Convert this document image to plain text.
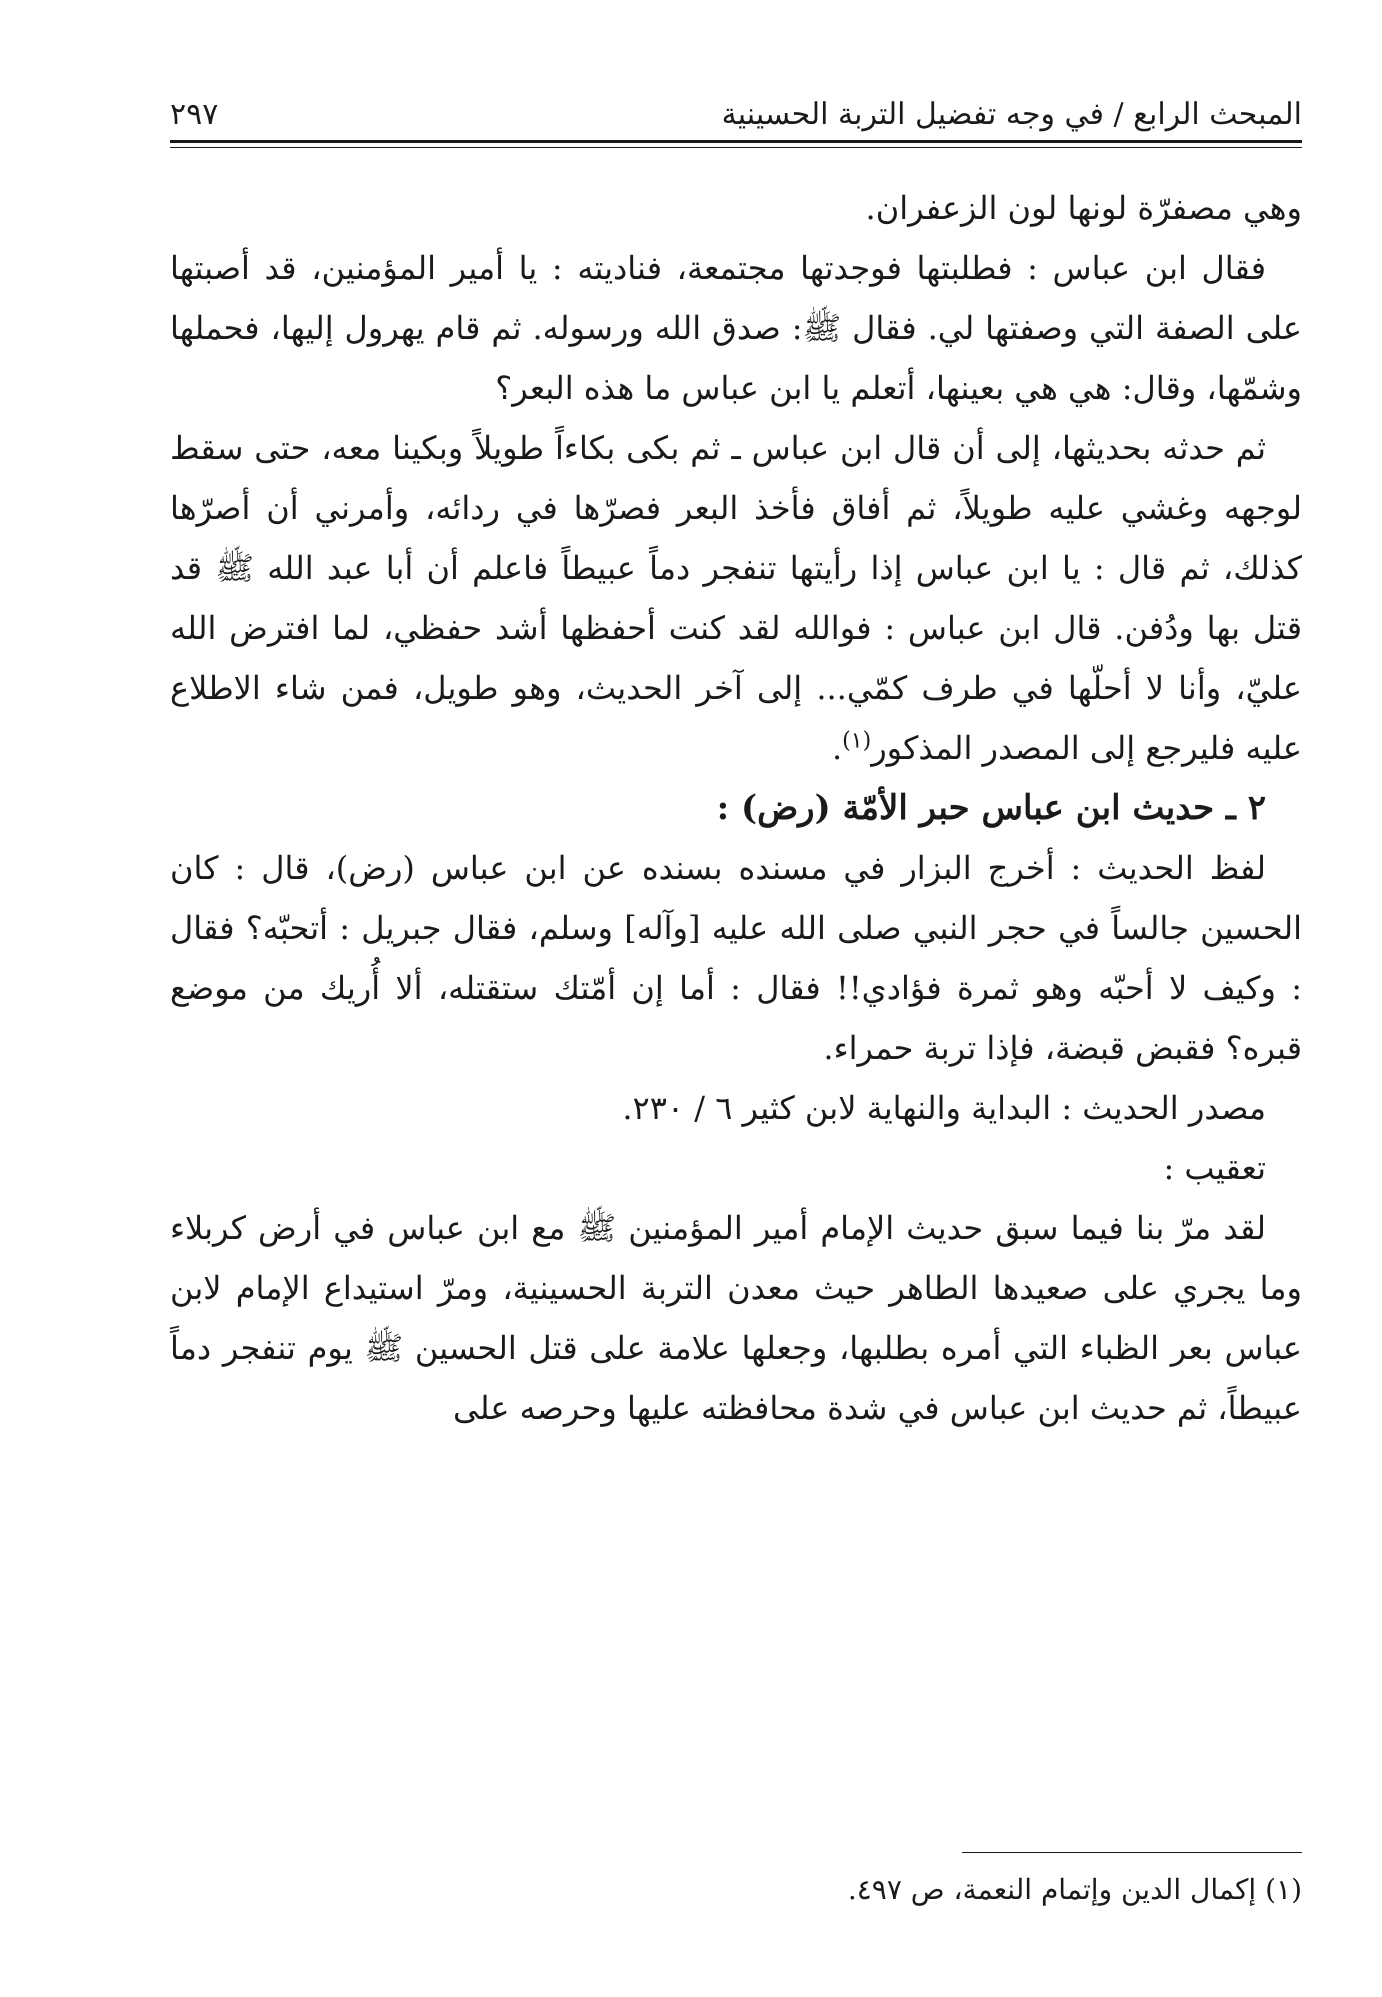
المبحث الرابع / في وجه تفضيل التربة الحسينية
٢٩٧

وهي مصفرّة لونها لون الزعفران.

فقال ابن عباس : فطلبتها فوجدتها مجتمعة، فناديته : يا أمير المؤمنين، قد أصبتها على الصفة التي وصفتها لي. فقال ﷺ: صدق الله ورسوله. ثم قام يهرول إليها، فحملها وشمّها، وقال: هي هي بعينها، أتعلم يا ابن عباس ما هذه البعر؟

ثم حدثه بحديثها، إلى أن قال ابن عباس ـ ثم بكى بكاءاً طويلاً وبكينا معه، حتى سقط لوجهه وغشي عليه طويلاً، ثم أفاق فأخذ البعر فصرّها في ردائه، وأمرني أن أصرّها كذلك، ثم قال : يا ابن عباس إذا رأيتها تنفجر دماً عبيطاً فاعلم أن أبا عبد الله ﷺ قد قتل بها ودُفن. قال ابن عباس : فوالله لقد كنت أحفظها أشد حفظي، لما افترض الله عليّ، وأنا لا أحلّها في طرف كمّي... إلى آخر الحديث، وهو طويل، فمن شاء الاطلاع عليه فليرجع إلى المصدر المذكور$^{(١)}$.

٢ ـ حديث ابن عباس حبر الأمّة (رض) :

لفظ الحديث : أخرج البزار في مسنده بسنده عن ابن عباس (رض)، قال : كان الحسين جالساً في حجر النبي صلى الله عليه [وآله] وسلم، فقال جبريل : أتحبّه؟ فقال : وكيف لا أحبّه وهو ثمرة فؤادي!! فقال : أما إن أمّتك ستقتله، ألا أُريك من موضع قبره؟ فقبض قبضة، فإذا تربة حمراء.

مصدر الحديث : البداية والنهاية لابن كثير ٦ / ٢٣٠.

تعقيب :

لقد مرّ بنا فيما سبق حديث الإمام أمير المؤمنين ﷺ مع ابن عباس في أرض كربلاء وما يجري على صعيدها الطاهر حيث معدن التربة الحسينية، ومرّ استيداع الإمام لابن عباس بعر الظباء التي أمره بطلبها، وجعلها علامة على قتل الحسين ﷺ يوم تنفجر دماً عبيطاً، ثم حديث ابن عباس في شدة محافظته عليها وحرصه على

(١) إكمال الدين وإتمام النعمة، ص ٤٩٧.
